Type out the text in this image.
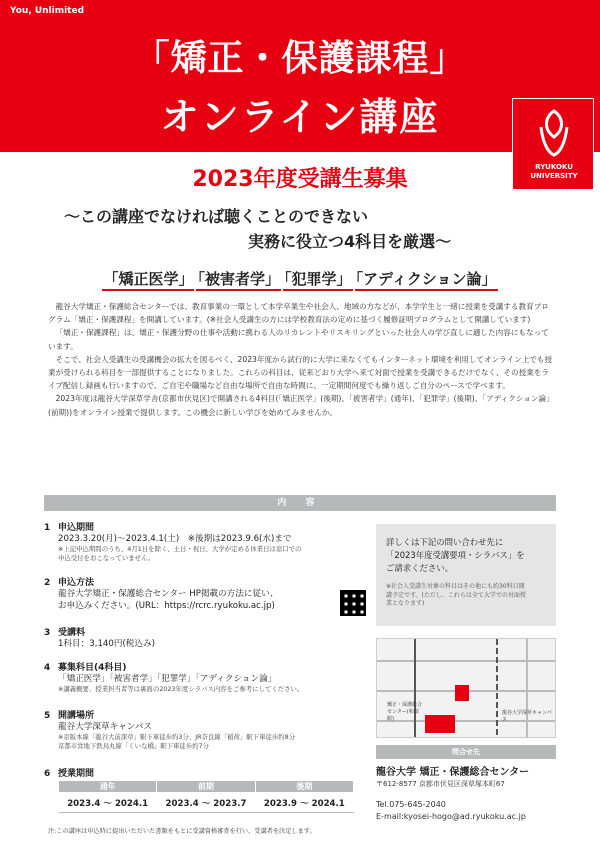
You, Unlimited
「矯正・保護課程」
オンライン講座
RYUKOKU
UNIVERSITY
2023年度受講生募集
〜この講座でなければ聴くことのできない
実務に役立つ4科目を厳選〜
「矯正医学」 「被害者学」 「犯罪学」 「アディクション論」

龍谷大学矯正・保護総合センターでは、教育事業の一環として本学卒業生や社会人、地域の方などが、本学学生と一緒に授業を受講する教育プログラム「矯正・保護課程」を開講しています。(※社会人受講生の方には学校教育法の定めに基づく履修証明プログラムとして開講しています)

「矯正・保護課程」は、矯正・保護分野の仕事や活動に携わる人のリカレントやリスキリングといった社会人の学び直しに適した内容にもなっています。

そこで、社会人受講生の受講機会の拡大を図るべく、2023年度から試行的に大学に来なくてもインターネット環境を利用してオンライン上でも授業が受けられる科目を一部提供することになりました。これらの科目は、従来どおり大学へ来て対面で授業を受講できるだけでなく、その授業をライブ配信し録画も行いますので、ご自宅や職場など自由な場所で自由な時間に、一定期間何度でも繰り返しご自分のペースで学べます。

2023年度は龍谷大学深草学舎(京都市伏見区)で開講される4科目(「矯正医学」(後期)、「被害者学」(通年)、「犯罪学」(後期)、「アディクション論」(前期))をオンライン授業で提供します。この機会に新しい学びを始めてみませんか。

内 容
1 申込期間
2023.3.20(月)〜2023.4.1(土)　※後期は2023.9.6(水)まで
※上記申込期間のうち、4月1日を除く、土日・祝日、大学が定める休業日は窓口での
申込受付をおこなっていません。
2 申込方法
龍谷大学矯正・保護総合センター HP掲載の方法に従い、
お申込みください。(URL：https://rcrc.ryukoku.ac.jp)
3 受講料
1科目：3,140円(税込み)
4 募集科目(4科目)
「矯正医学」「被害者学」「犯罪学」「アディクション論」
※講義概要、授業担当者等は裏面の2023年度シラバス内容をご参考にしてください。
5 開講場所
龍谷大学深草キャンパス
※京阪本線「龍谷大前深草」駅下車徒歩約3分、JR奈良線「稲荷」駅下車徒歩約8分
京都市営地下鉄烏丸線「くいな橋」駅下車徒歩約7分
6 授業期間
通年	前期	後期
2023.4 〜 2024.1	2023.4 〜 2023.7	2023.9 〜 2024.1
注:この講座は申込時に提出いただいた書類をもとに受講資格審査を行い、受講者を決定します。
詳しくは下記の問い合わせ先に
「2023年度受講要項・シラバス」を
ご請求ください。
※社会人受講生対象の科目はその他にも約30科目開
講予定です。(ただし、これらは全て大学での対面授
業となります)
龍谷大学深草キャンパス
矯正・保護総合センター(和顔館)
問合せ先
龍谷大学 矯正・保護総合センター
〒612-8577 京都市伏見区深草塚本町67
Tel.075-645-2040
E-mail:kyosei-hogo@ad.ryukoku.ac.jp
